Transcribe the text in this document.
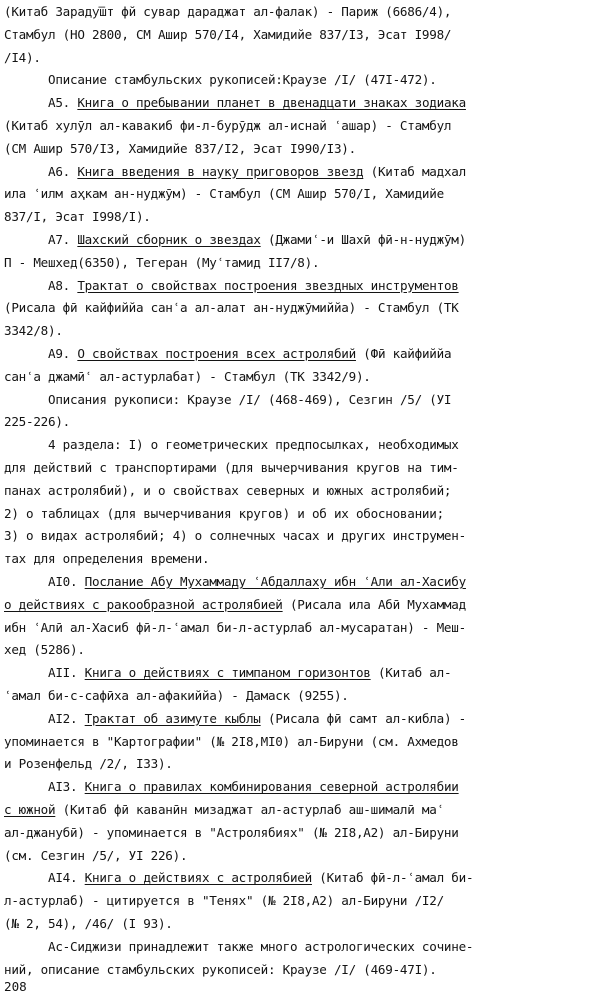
(Китаб Зараду͞шт фй сувар дараджат ал-фалак) - Париж (6686/4),
Стамбул (НО 2800, СМ Ашир 570/I4, Хамидийе 837/I3, Эсат I998/
/I4).
Описание стамбульских рукописей:Краузе /I/ (47I-472).
A5. Книга о пребывании планет в двенадцати знаках зодиака
(Китаб хулӯл ал-кавакиб фи-л-бурӯдж ал-иснай ʿашар) - Стамбул
(СМ Ашир 570/I3, Хамидийе 837/I2, Эсат I990/I3).
A6. Книга введения в науку приговоров звезд (Китаб мадхал
ила ʿилм аҳкам ан-нуджӯм) - Стамбул (СМ Ашир 570/I, Хамидийе
837/I, Эсат I998/I).
A7. Шахский сборник о звездах (Джамиʿ-и Шахӣ фӣ-н-нуджӯм)
П - Мешхед(6350), Тегеран (Муʿтамид II7/8).
A8. Трактат о свойствах построения звездных инструментов
(Рисала фӣ кайфиййа санʿа ал-алат ан-нуджӯмиййа) - Стамбул (ТК
3342/8).
A9. О свойствах построения всех астролябий (Фӣ кайфиййа
санʿа джамӣʿ ал-астурлабат) - Стамбул (ТК 3342/9).
Описания рукописи: Краузе /I/ (468-469), Сезгин /5/ (УI
225-226).
4 раздела: I) о геометрических предпосылках, необходимых
для действий с транспортирами (для вычерчивания кругов на тим-
панах астролябий), и о свойствах северных и южных астролябий;
2) о таблицах (для вычерчивания кругов) и об их обосновании;
3) о видах астролябий; 4) о солнечных часах и других инструмен-
тах для определения времени.
AI0. Послание Абу Мухаммаду ʿАбдаллаху ибн ʿАли ал-Хасибу
о действиях с ракообразной астролябией (Рисала ила Абӣ Мухаммад
ибн ʿАлӣ ал-Хасиб фӣ-л-ʿамал би-л-астурлаб ал-мусаратан) - Меш-
хед (5286).
AII. Книга о действиях с тимпаном горизонтов (Китаб ал-
ʿамал би-с-сафӣха ал-афакиййа) - Дамаск (9255).
AI2. Трактат об азимуте кыблы (Рисала фӣ самт ал-кибла) -
упоминается в "Картографии" (№ 2I8,МI0) ал-Бируни (см. Ахмедов
и Розенфельд /2/, I33).
AI3. Книга о правилах комбинирования северной астролябии
с южной (Китаб фӣ каванӣн мизаджат ал-астурлаб аш-шималӣ маʿ
ал-джанубӣ) - упоминается в "Астролябиях" (№ 2I8,A2) ал-Бируни
(см. Сезгин /5/, УI 226).
AI4. Книга о действиях с астролябией (Китаб фӣ-л-ʿамал би-
л-астурлаб) - цитируется в "Тенях" (№ 2I8,A2) ал-Бируни /I2/
(№ 2, 54), /46/ (I 93).
Ас-Сиджизи принадлежит также много астрологических сочине-
ний, описание стамбульских рукописей: Краузе /I/ (469-47I).
208
